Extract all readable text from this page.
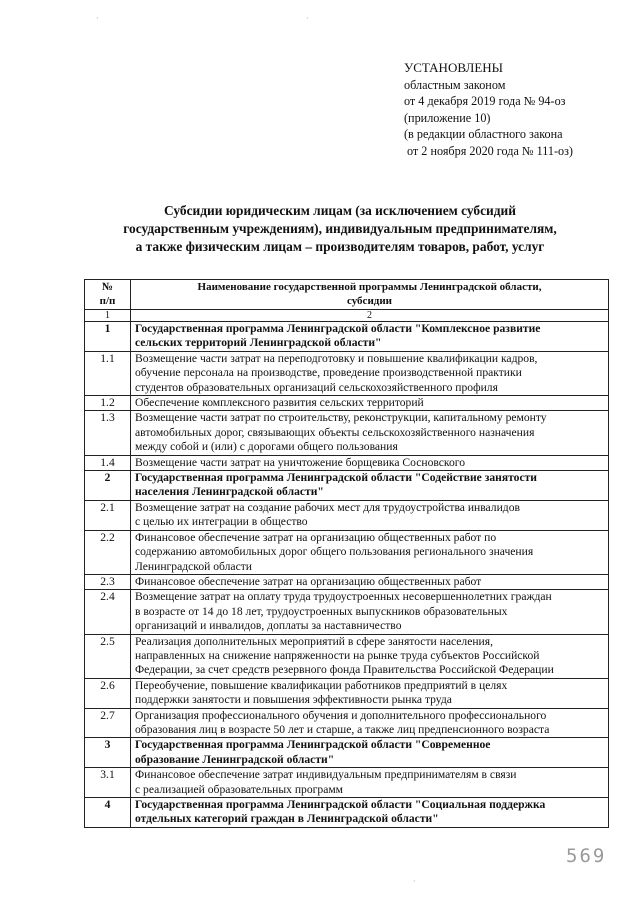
УСТАНОВЛЕНЫ
областным законом
от 4 декабря 2019 года № 94-оз
(приложение 10)
(в редакции областного закона
от 2 ноября 2020 года № 111-оз)
Субсидии юридическим лицам (за исключением субсидий
государственным учреждениям), индивидуальным предпринимателям,
а также физическим лицам – производителям товаров, работ, услуг
№
п/п	Наименование государственной программы Ленинградской области,
субсидии
1	2
1	Государственная программа Ленинградской области "Комплексное развитие
сельских территорий Ленинградской области"
1.1	Возмещение части затрат на переподготовку и повышение квалификации кадров,
обучение персонала на производстве, проведение производственной практики
студентов образовательных организаций сельскохозяйственного профиля
1.2	Обеспечение комплексного развития сельских территорий
1.3	Возмещение части затрат по строительству, реконструкции, капитальному ремонту
автомобильных дорог, связывающих объекты сельскохозяйственного назначения
между собой и (или) с дорогами общего пользования
1.4	Возмещение части затрат на уничтожение борщевика Сосновского
2	Государственная программа Ленинградской области "Содействие занятости
населения Ленинградской области"
2.1	Возмещение затрат на создание рабочих мест для трудоустройства инвалидов
с целью их интеграции в общество
2.2	Финансовое обеспечение затрат на организацию общественных работ по
содержанию автомобильных дорог общего пользования регионального значения
Ленинградской области
2.3	Финансовое обеспечение затрат на организацию общественных работ
2.4	Возмещение затрат на оплату труда трудоустроенных несовершеннолетних граждан
в возрасте от 14 до 18 лет, трудоустроенных выпускников образовательных
организаций и инвалидов, доплаты за наставничество
2.5	Реализация дополнительных мероприятий в сфере занятости населения,
направленных на снижение напряженности на рынке труда субъектов Российской
Федерации, за счет средств резервного фонда Правительства Российской Федерации
2.6	Переобучение, повышение квалификации работников предприятий в целях
поддержки занятости и повышения эффективности рынка труда
2.7	Организация профессионального обучения и дополнительного профессионального
образования лиц в возрасте 50 лет и старше, а также лиц предпенсионного возраста
3	Государственная программа Ленинградской области "Современное
образование Ленинградской области"
3.1	Финансовое обеспечение затрат индивидуальным предпринимателям в связи
с реализацией образовательных программ
4	Государственная программа Ленинградской области "Социальная поддержка
отдельных категорий граждан в Ленинградской области"
569
·
·
·
